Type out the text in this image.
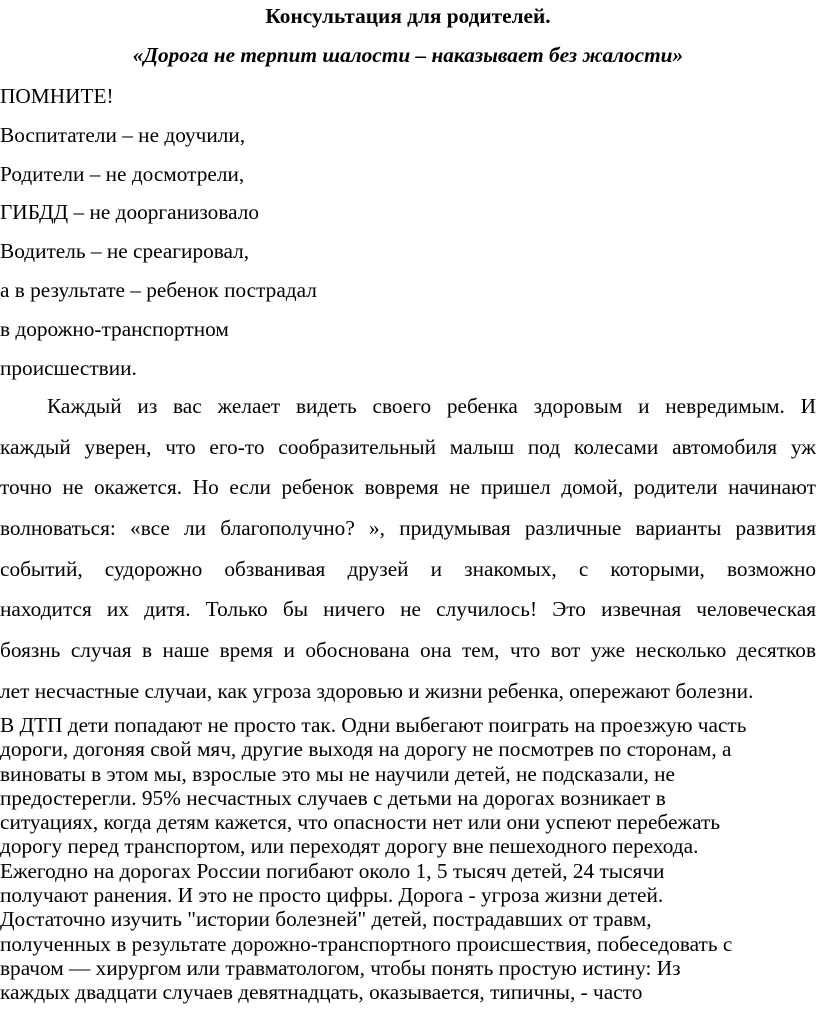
Консультация для родителей.
«Дорога не терпит шалости – наказывает без жалости»
ПОМНИТЕ!
Воспитатели – не доучили,
Родители – не досмотрели,
ГИБДД – не доорганизовало
Водитель – не среагировал,
а в результате – ребенок пострадал
в дорожно-транспортном
происшествии.
Каждый из вас желает видеть своего ребенка здоровым и невредимым. И
каждый уверен, что его-то сообразительный малыш под колесами автомобиля уж
точно не окажется. Но если ребенок вовремя не пришел домой, родители начинают
волноваться: «все ли благополучно? », придумывая различные варианты развития
событий, судорожно обзванивая друзей и знакомых, с которыми, возможно
находится их дитя. Только бы ничего не случилось! Это извечная человеческая
боязнь случая в наше время и обоснована она тем, что вот уже несколько десятков
лет несчастные случаи, как угроза здоровью и жизни ребенка, опережают болезни.
В ДТП дети попадают не просто так. Одни выбегают поиграть на проезжую часть
дороги, догоняя свой мяч, другие выходя на дорогу не посмотрев по сторонам, а
виноваты в этом мы, взрослые это мы не научили детей, не подсказали, не
предостерегли. 95% несчастных случаев с детьми на дорогах возникает в
ситуациях, когда детям кажется, что опасности нет или они успеют перебежать
дорогу перед транспортом, или переходят дорогу вне пешеходного перехода.
Ежегодно на дорогах России погибают около 1, 5 тысяч детей, 24 тысячи
получают ранения. И это не просто цифры. Дорога - угроза жизни детей.
Достаточно изучить "истории болезней" детей, пострадавших от травм,
полученных в результате дорожно-транспортного происшествия, побеседовать с
врачом — хирургом или травматологом, чтобы понять простую истину: Из
каждых двадцати случаев девятнадцать, оказывается, типичны, - часто
